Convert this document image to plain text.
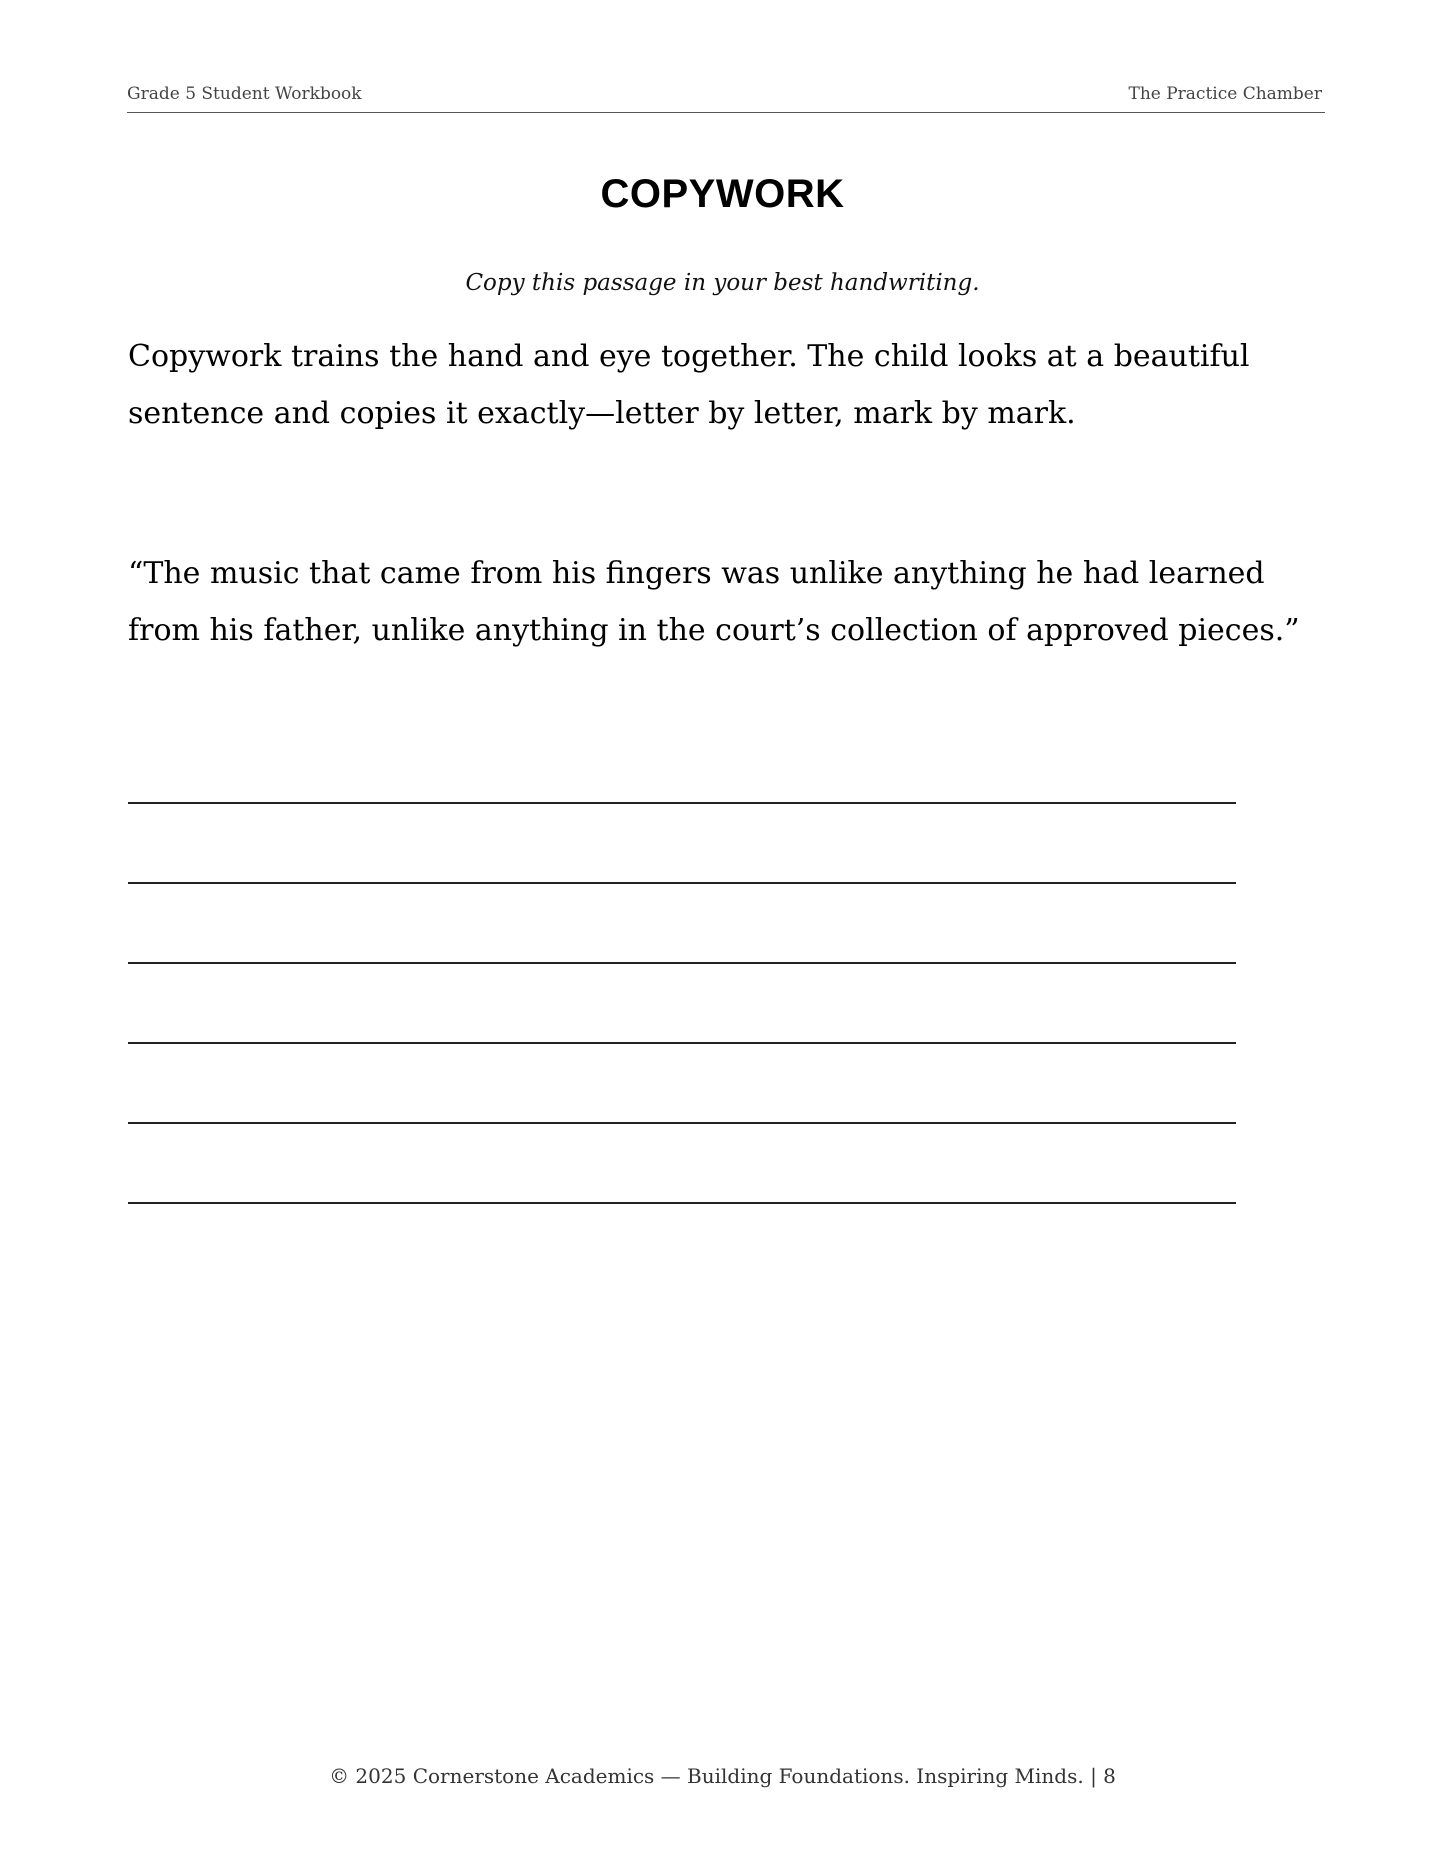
Grade 5 Student Workbook	The Practice Chamber
COPYWORK
Copy this passage in your best handwriting.

Copywork trains the hand and eye together. The child looks at a beautiful sentence and copies it exactly—letter by letter, mark by mark.

“The music that came from his fingers was unlike anything he had learned from his father, unlike anything in the court’s collection of approved pieces.”

© 2025 Cornerstone Academics — Building Foundations. Inspiring Minds. | 8
